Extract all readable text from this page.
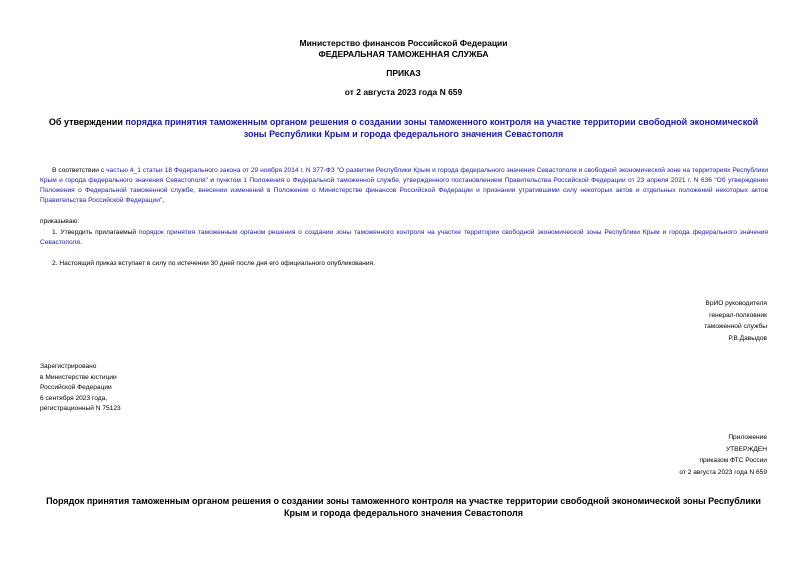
Министерство финансов Российской Федерации
ФЕДЕРАЛЬНАЯ ТАМОЖЕННАЯ СЛУЖБА
ПРИКАЗ
от 2 августа 2023 года N 659
Об утверждении порядка принятия таможенным органом решения о создании зоны таможенного контроля на участке территории свободной экономической зоны Республики Крым и города федерального значения Севастополя
В соответствии с частью 4_1 статьи 18 Федерального закона от 29 ноября 2014 г. N 377-ФЗ "О развитии Республики Крым и города федерального значения Севастополя и свободной экономической зоне на территориях Республики Крым и города федерального значения Севастополя" и пунктом 1 Положения о Федеральной таможенной службе, утвержденного постановлением Правительства Российской Федерации от 23 апреля 2021 г. N 636 "Об утверждении Положения о Федеральной таможенной службе, внесении изменений в Положение о Министерстве финансов Российской Федерации и признании утратившими силу некоторых актов и отдельных положений некоторых актов Правительства Российской Федерации",
приказываю:
1. Утвердить прилагаемый порядок принятия таможенным органом решения о создании зоны таможенного контроля на участке территории свободной экономической зоны Республики Крым и города федерального значения Севастополя.
2. Настоящий приказ вступает в силу по истечении 30 дней после дня его официального опубликования.
ВрИО руководителя
генерал-полковник
таможенной службы
Р.В.Давыдов
Зарегистрировано
в Министерстве юстиции
Российской Федерации
6 сентября 2023 года,
регистрационный N 75123
Приложение
УТВЕРЖДЕН
приказом ФТС России
от 2 августа 2023 года N 659
Порядок принятия таможенным органом решения о создании зоны таможенного контроля на участке территории свободной экономической зоны Республики Крым и города федерального значения Севастополя
